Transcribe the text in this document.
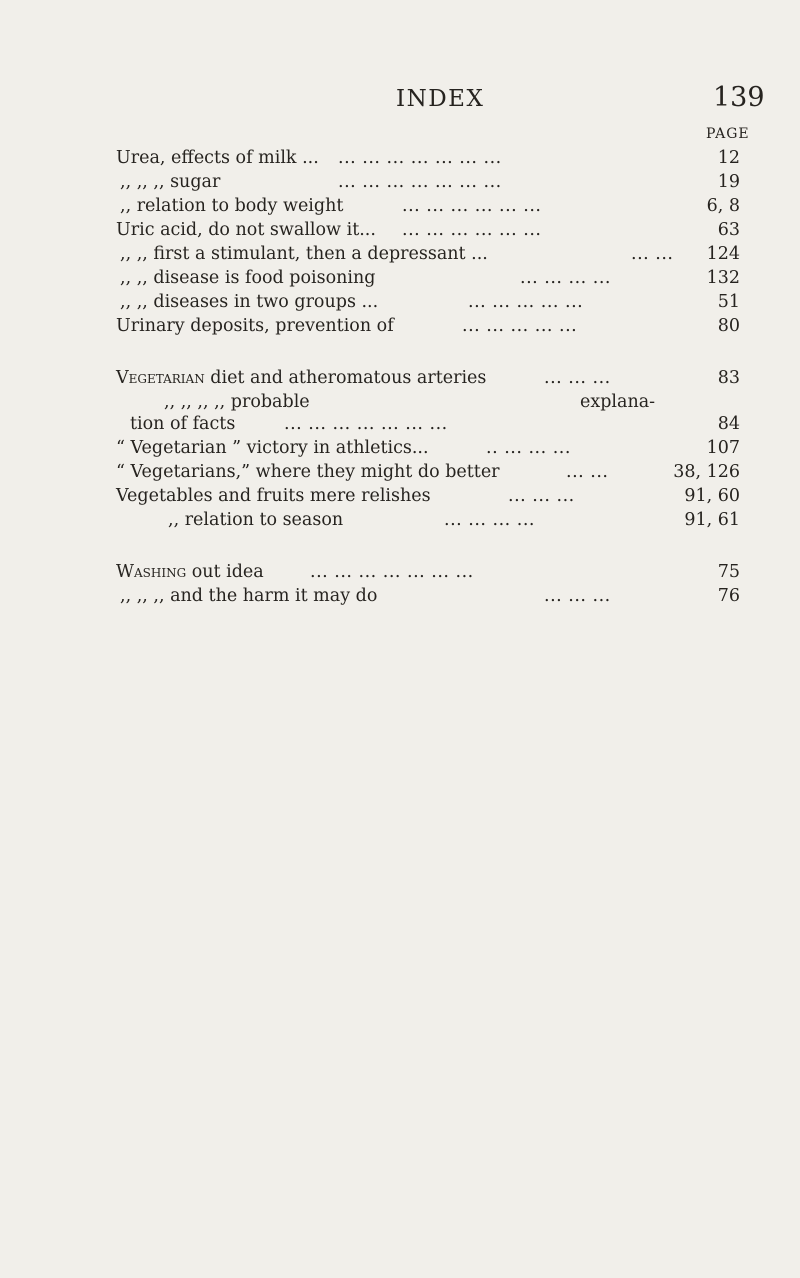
INDEX	139
PAGE
Urea, effects of milk ... ... ... ... ... ... ... ...	12
,, ,, ,, sugar	... ... ... ... ... ... ...	19
,, relation to body weight	... ... ... ... ... ...	6, 8
Uric acid, do not swallow it... ... ... ... ... ... ...	63
,, ,, first a stimulant, then a depressant ...	... ... 124
,, ,, disease is food poisoning	... ... ... ...	132
,, ,, diseases in two groups ...	... ... ... ... ...	51
Urinary deposits, prevention of	... ... ... ... ...	80
Vegetarian diet and atheromatous arteries	... ... ...	83
,, ,, ,, ,, probable	explana-
tion of facts	... ... ... ... ... ... ...	84
“ Vegetarian ” victory in athletics...	.. ... ... ...	107
“ Vegetarians,” where they might do better	... ...	38, 126
Vegetables and fruits mere relishes	... ... ...	91, 60
,, relation to season	... ... ... ...	91, 61
Washing out idea	... ... ... ... ... ... ...	75
,, ,, ,, and the harm it may do	... ... ...	76
